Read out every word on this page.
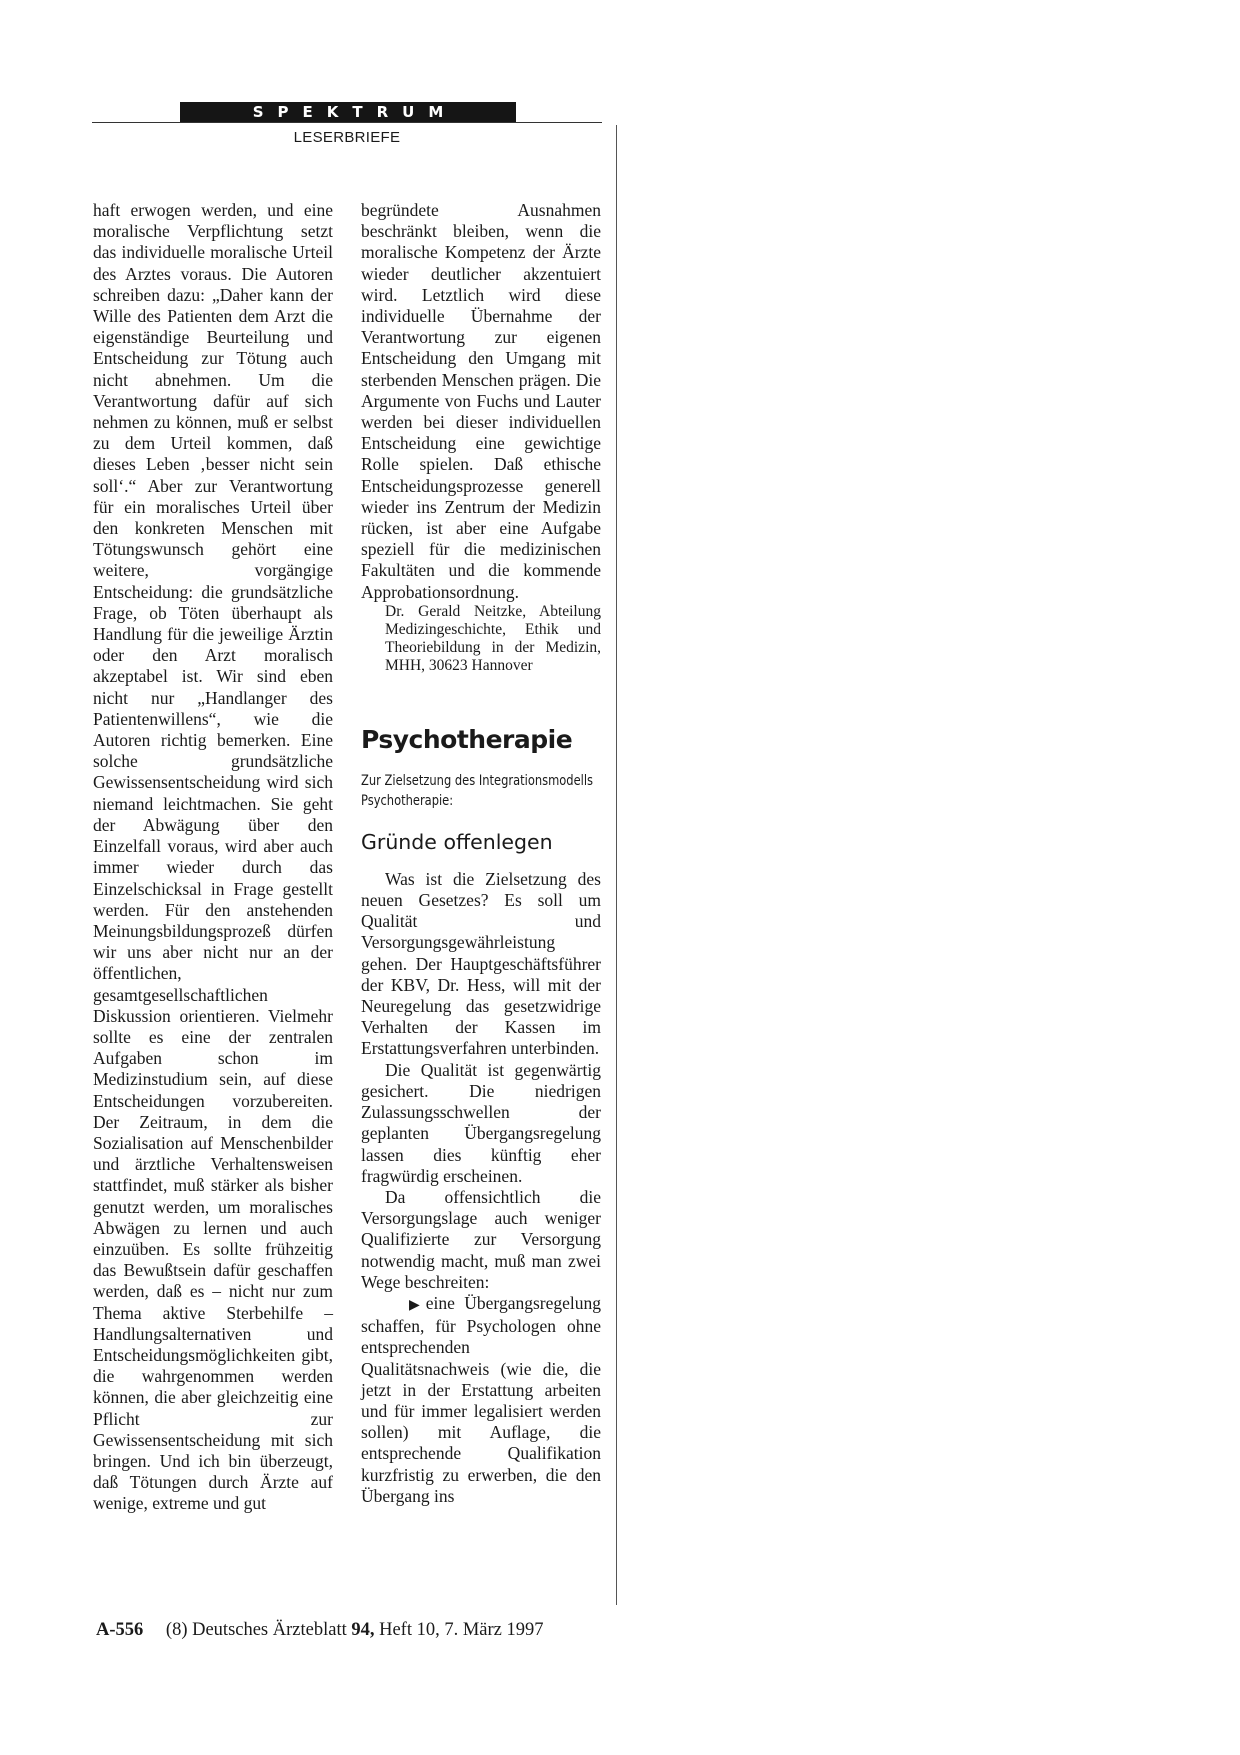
SPEKTRUM
LESERBRIEFE

haft erwogen werden, und eine moralische Verpflichtung setzt das individuelle moralische Urteil des Arztes voraus. Die Autoren schreiben dazu: „Daher kann der Wille des Patienten dem Arzt die eigenständige Beurteilung und Entscheidung zur Tötung auch nicht abnehmen. Um die Verantwortung dafür auf sich nehmen zu können, muß er selbst zu dem Urteil kommen, daß dieses Leben ‚besser nicht sein soll‘.“ Aber zur Verantwortung für ein moralisches Urteil über den konkreten Menschen mit Tötungswunsch gehört eine weitere, vorgängige Entscheidung: die grundsätzliche Frage, ob Töten überhaupt als Handlung für die jeweilige Ärztin oder den Arzt moralisch akzeptabel ist. Wir sind eben nicht nur „Handlanger des Patientenwillens“, wie die Autoren richtig bemerken. Eine solche grundsätzliche Gewissensentscheidung wird sich niemand leichtmachen. Sie geht der Abwägung über den Einzelfall voraus, wird aber auch immer wieder durch das Einzelschicksal in Frage gestellt werden. Für den anstehenden Meinungsbildungsprozeß dürfen wir uns aber nicht nur an der öffentlichen, gesamtgesellschaftlichen Diskussion orientieren. Vielmehr sollte es eine der zentralen Aufgaben schon im Medizinstudium sein, auf diese Entscheidungen vorzubereiten. Der Zeitraum, in dem die Sozialisation auf Menschenbilder und ärztliche Verhaltensweisen stattfindet, muß stärker als bisher genutzt werden, um moralisches Abwägen zu lernen und auch einzuüben. Es sollte frühzeitig das Bewußtsein dafür geschaffen werden, daß es – nicht nur zum Thema aktive Sterbehilfe – Handlungsalternativen und Entscheidungsmöglichkeiten gibt, die wahrgenommen werden können, die aber gleichzeitig eine Pflicht zur Gewissensentscheidung mit sich bringen. Und ich bin überzeugt, daß Tötungen durch Ärzte auf wenige, extreme und gut

begründete Ausnahmen beschränkt bleiben, wenn die moralische Kompetenz der Ärzte wieder deutlicher akzentuiert wird. Letztlich wird diese individuelle Übernahme der Verantwortung zur eigenen Entscheidung den Umgang mit sterbenden Menschen prägen. Die Argumente von Fuchs und Lauter werden bei dieser individuellen Entscheidung eine gewichtige Rolle spielen. Daß ethische Entscheidungsprozesse generell wieder ins Zentrum der Medizin rücken, ist aber eine Aufgabe speziell für die medizinischen Fakultäten und die kommende Approbationsordnung.

Dr. Gerald Neitzke, Abteilung Medizingeschichte, Ethik und Theoriebildung in der Medizin, MHH, 30623 Hannover

Psychotherapie

Zur Zielsetzung des Integrationsmodells Psychotherapie:

Gründe offenlegen

Was ist die Zielsetzung des neuen Gesetzes? Es soll um Qualität und Versorgungsgewährleistung gehen. Der Hauptgeschäftsführer der KBV, Dr. Hess, will mit der Neuregelung das gesetzwidrige Verhalten der Kassen im Erstattungsverfahren unterbinden.

Die Qualität ist gegenwärtig gesichert. Die niedrigen Zulassungsschwellen der geplanten Übergangsregelung lassen dies künftig eher fragwürdig erscheinen.

Da offensichtlich die Versorgungslage auch weniger Qualifizierte zur Versorgung notwendig macht, muß man zwei Wege beschreiten:

▶ eine Übergangsregelung schaffen, für Psychologen ohne entsprechenden Qualitätsnachweis (wie die, die jetzt in der Erstattung arbeiten und für immer legalisiert werden sollen) mit Auflage, die entsprechende Qualifikation kurzfristig zu erwerben, die den Übergang ins

A-556 (8) Deutsches Ärzteblatt 94, Heft 10, 7. März 1997
